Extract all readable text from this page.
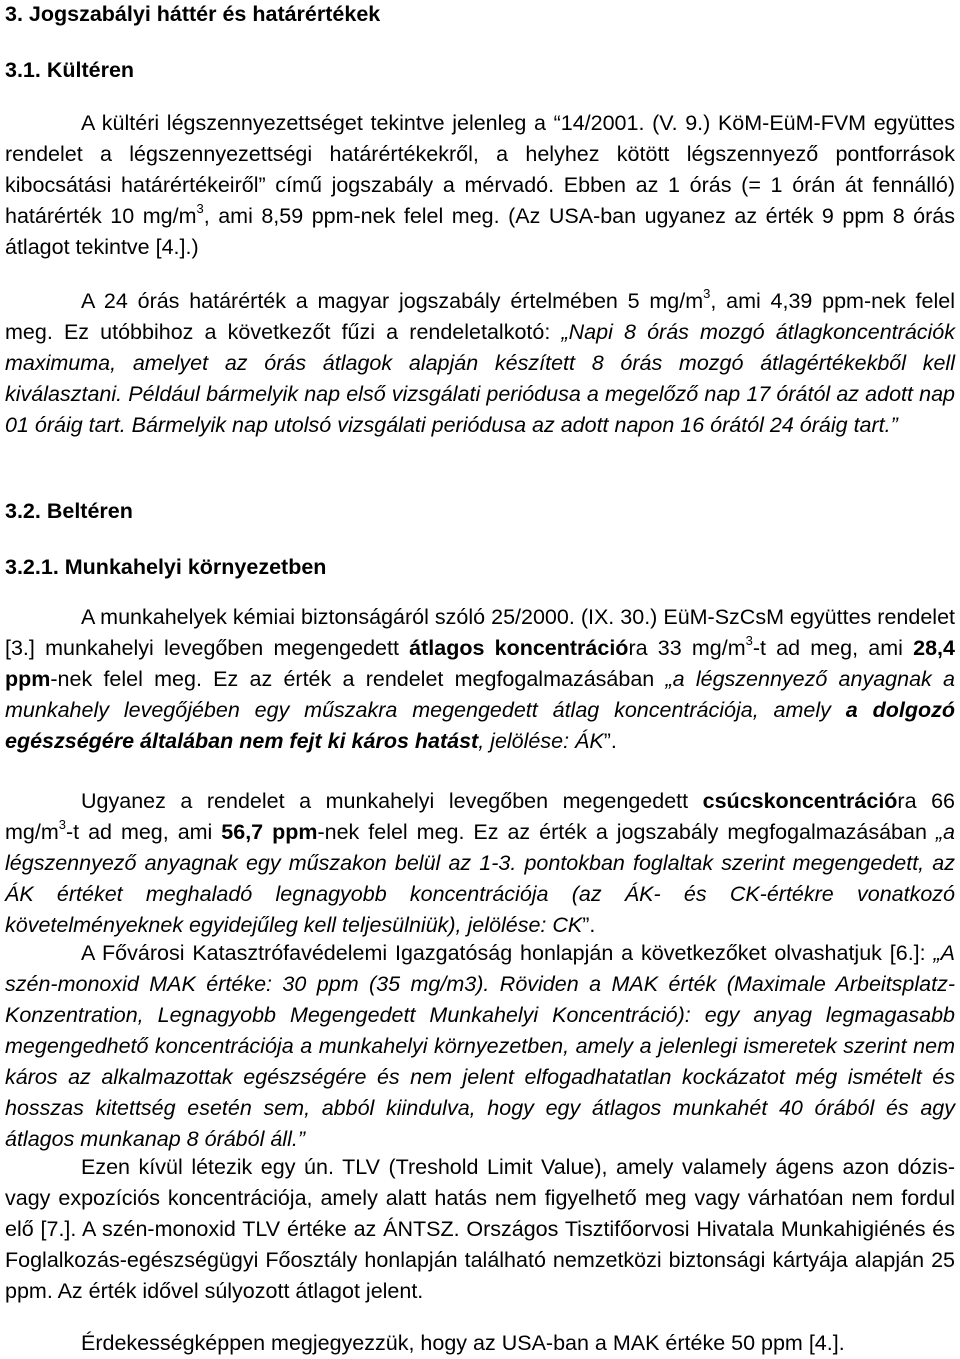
3. Jogszabályi háttér és határértékek
3.1. Kültéren
A kültéri légszennyezettséget tekintve jelenleg a “14/2001. (V. 9.) KöM-EüM-FVM együttes rendelet a légszennyezettségi határértékekről, a helyhez kötött légszennyező pontforrások kibocsátási határértékeiről” című jogszabály a mérvadó. Ebben az 1 órás (= 1 órán át fennálló) határérték 10 $mg/m^3$, ami 8,59 ppm-nek felel meg. (Az USA-ban ugyanez az érték 9 ppm 8 órás átlagot tekintve [4.].)
A 24 órás határérték a magyar jogszabály értelmében 5 $mg/m^3$, ami 4,39 ppm-nek felel meg. Ez utóbbihoz a következőt fűzi a rendeletalkotó: „Napi 8 órás mozgó átlagkoncentrációk maximuma, amelyet az órás átlagok alapján készített 8 órás mozgó átlagértékekből kell kiválasztani. Például bármelyik nap első vizsgálati periódusa a megelőző nap 17 órától az adott nap 01 óráig tart. Bármelyik nap utolsó vizsgálati periódusa az adott napon 16 órától 24 óráig tart.”
3.2. Beltéren
3.2.1. Munkahelyi környezetben
A munkahelyek kémiai biztonságáról szóló 25/2000. (IX. 30.) EüM-SzCsM együttes rendelet [3.] munkahelyi levegőben megengedett átlagos koncentrációra 33 $mg/m^3-t$ ad meg, ami 28,4 ppm-nek felel meg. Ez az érték a rendelet megfogalmazásában „a légszennyező anyagnak a munkahely levegőjében egy műszakra megengedett átlag koncentrációja, amely a dolgozó egészségére általában nem fejt ki káros hatást, jelölése: ÁK”.
Ugyanez a rendelet a munkahelyi levegőben megengedett csúcskoncentrációra 66 $mg/m^3-t$ ad meg, ami 56,7 ppm-nek felel meg. Ez az érték a jogszabály megfogalmazásában „a légszennyező anyagnak egy műszakon belül az 1-3. pontokban foglaltak szerint megengedett, az ÁK értéket meghaladó legnagyobb koncentrációja (az ÁK- és CK-értékre vonatkozó követelményeknek egyidejűleg kell teljesülniük), jelölése: CK”.
A Fővárosi Katasztrófavédelemi Igazgatóság honlapján a következőket olvashatjuk [6.]: „A szén-monoxid MAK értéke: 30 ppm (35 mg/m3). Röviden a MAK érték (Maximale Arbeitsplatz-Konzentration, Legnagyobb Megengedett Munkahelyi Koncentráció): egy anyag legmagasabb megengedhető koncentrációja a munkahelyi környezetben, amely a jelenlegi ismeretek szerint nem káros az alkalmazottak egészségére és nem jelent elfogadhatatlan kockázatot még ismételt és hosszas kitettség esetén sem, abból kiindulva, hogy egy átlagos munkahét 40 órából és agy átlagos munkanap 8 órából áll.”
Ezen kívül létezik egy ún. TLV (Treshold Limit Value), amely valamely ágens azon dózis- vagy expozíciós koncentrációja, amely alatt hatás nem figyelhető meg vagy várhatóan nem fordul elő [7.]. A szén-monoxid TLV értéke az ÁNTSZ. Országos Tisztifőorvosi Hivatala Munkahigiénés és Foglalkozás-egészségügyi Főosztály honlapján található nemzetközi biztonsági kártyája alapján 25 ppm. Az érték idővel súlyozott átlagot jelent.
Érdekességképpen megjegyezzük, hogy az USA-ban a MAK értéke 50 ppm [4.].
